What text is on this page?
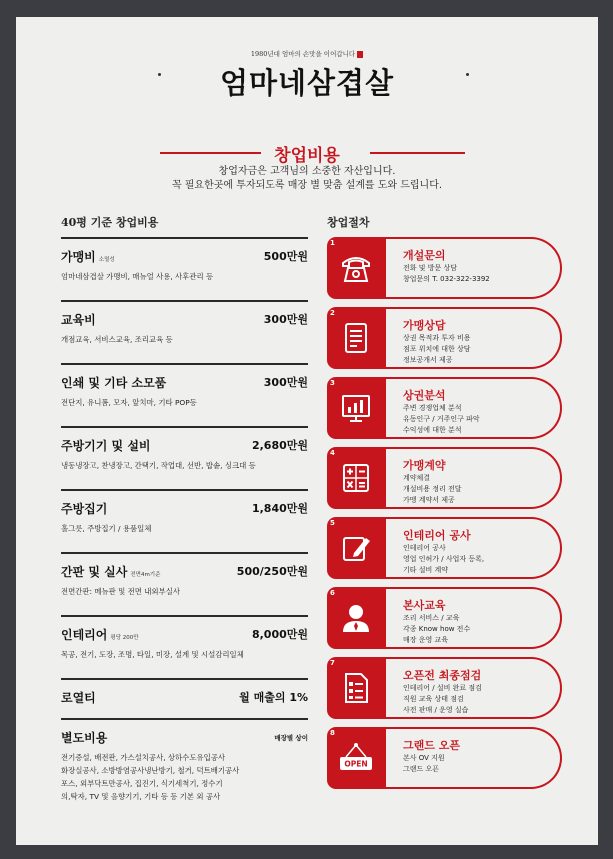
1980년대 엄마의 손맛을 이어갑니다
엄마네삼겹살
창업비용
창업자금은 고객님의 소중한 자산입니다.
꼭 필요한곳에 투자되도록 매장 별 맞춤 설계를 도와 드립니다.
40평 기준 창업비용	창업절차
가맹비 소멸성	500만원
엄마네삼겹살 가맹비, 매뉴얼 사용, 사후관리 등
교육비	300만원
개점교육, 서비스교육, 조리교육 등
인쇄 및 기타 소모품	300만원
전단지, 유니폼, 모자, 앞치마, 기타 POP등
주방기기 및 설비	2,680만원
냉동냉장고, 찬냉장고, 간택기, 작업대, 선반, 밥솥, 싱크대 등
주방집기	1,840만원
홀그릇, 주방집기 / 용품일체
간판 및 실사 전면4m기준	500/250만원
전면간판: 메뉴판 및 전면 내외부실사
인테리어 평당 200만	8,000만원
목공, 전기, 도장, 조명, 타일, 미장, 설계 및 시설감리일체
로열티	월 매출의 1%
별도비용	매장별 상이
전기증설, 배전판, 가스설치공사, 상하수도유입공사
화장실공사, 소방방염공사냉난방기, 철거, 덕트배기공사
포스, 외부닥트만공사, 집진기, 식기세척기, 정수기
의,탁자, TV 및 음향기기, 기타 등 등 기본 외 공사
1
개설문의
전화 및 방문 상담
창업문의 T. 032-322-3392
2
가맹상담
상권 목적과 투자 비용
점포 위치에 대한 상담
정보공개서 제공
3
상권분석
주변 경쟁업체 분석
유동인구 / 거주인구 파악
수익성에 대한 분석
4
가맹계약
계약체결
개설비용 정리 전달
가맹 계약서 제공
5
인테리어 공사
인테리어 공사
영업 인허가 / 사업자 등록,
기타 설비 계약
6
본사교육
조리 서비스 / 교육
각종 Know how 전수
매장 운영 교육
7
오픈전 최종점검
인테리어 / 설비 완료 점검
직원 교육 상태 점검
사전 판매 / 운영 실습
8
OPEN
그랜드 오픈
본사 OV 지원
그랜드 오픈
